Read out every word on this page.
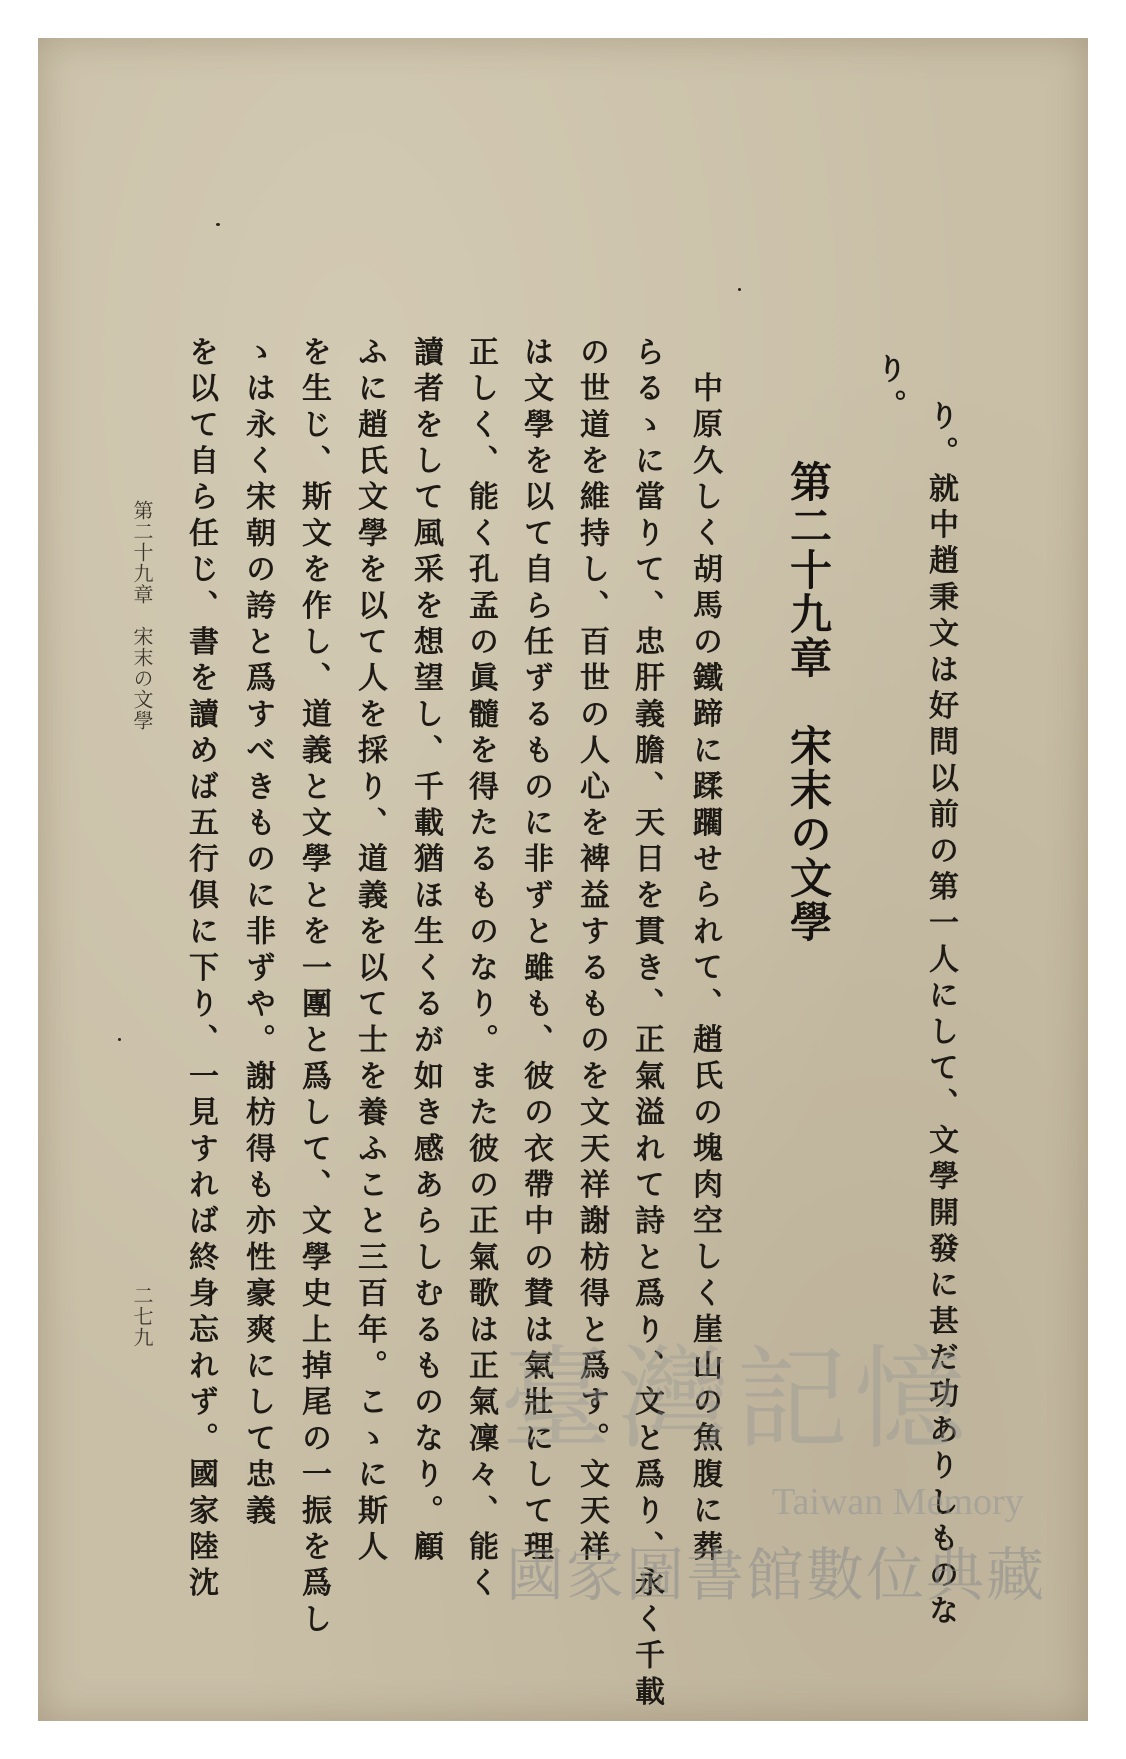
り。就中趙秉文は好問以前の第一人にして、文學開發に甚だ功ありしものな
り。
第二十九章　宋末の文學
中原久しく胡馬の鐵蹄に蹂躙せられて、趙氏の塊肉空しく崖山の魚腹に葬
らるゝに當りて、忠肝義膽、天日を貫き、正氣溢れて詩と爲り、文と爲り、永く千載
の世道を維持し、百世の人心を裨益するものを文天祥謝枋得と爲す。文天祥
は文學を以て自ら任ずるものに非ずと雖も、彼の衣帶中の賛は氣壯にして理
正しく、能く孔孟の眞髓を得たるものなり。また彼の正氣歌は正氣凜々、能く
讀者をして風采を想望し、千載猶ほ生くるが如き感あらしむるものなり。顧
ふに趙氏文學を以て人を採り、道義を以て士を養ふこと三百年。こゝに斯人
を生じ、斯文を作し、道義と文學とを一團と爲して、文學史上掉尾の一振を爲し
ゝは永く宋朝の誇と爲すべきものに非ずや。謝枋得も亦性豪爽にして忠義
を以て自ら任じ、書を讀めば五行倶に下り、一見すれば終身忘れず。國家陸沈
第二十九章　宋末の文學
二七九
臺灣記憶
Taiwan Memory
國家圖書館數位典藏
